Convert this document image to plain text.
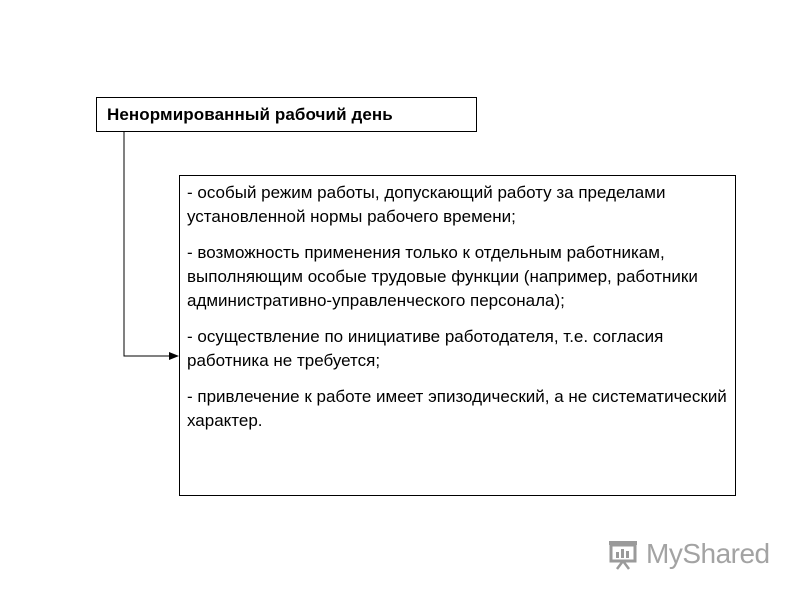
Ненормированный рабочий день
- особый режим работы, допускающий работу за пределами установленной нормы рабочего времени;
- возможность применения только к отдельным работникам, выполняющим особые трудовые функции (например, работники административно-управленческого персонала);
- осуществление по инициативе работодателя, т.е. согласия работника не требуется;
- привлечение к работе имеет эпизодический, а не систематический характер.
MyShared
